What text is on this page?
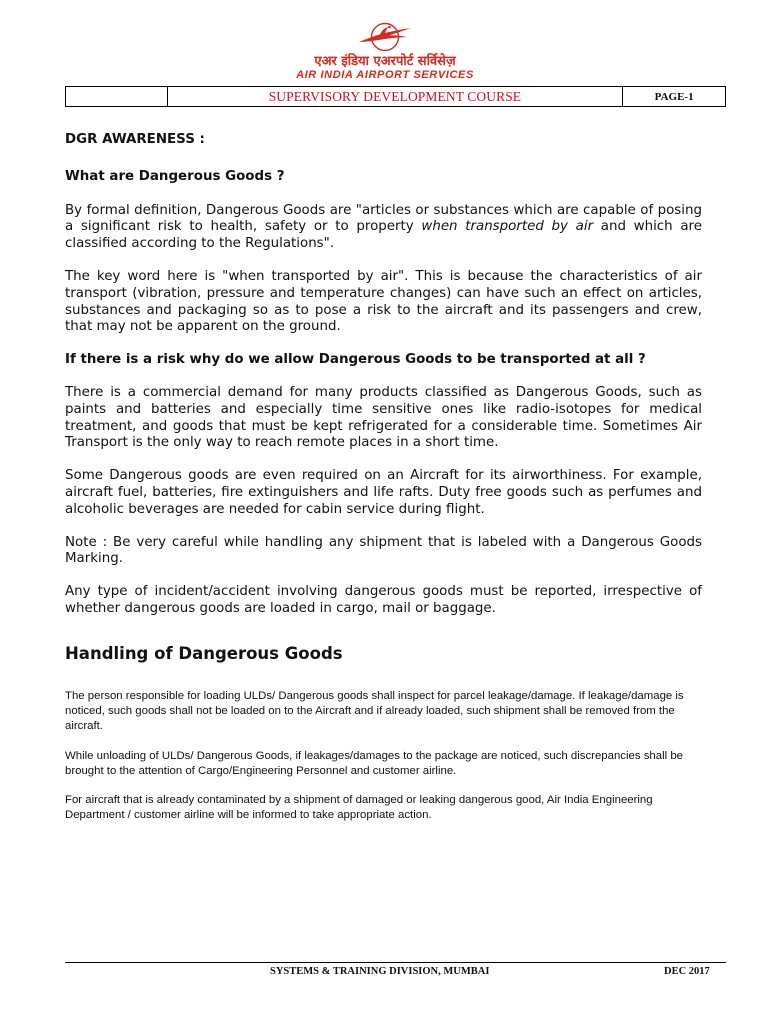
एअर इंडिया एअरपोर्ट सर्विसेज़
AIR INDIA AIRPORT SERVICES
	SUPERVISORY DEVELOPMENT COURSE	PAGE-1

DGR AWARENESS :

What are Dangerous Goods ?

By formal definition, Dangerous Goods are "articles or substances which are capable of posing a significant risk to health, safety or to property when transported by air and which are classified according to the Regulations".

The key word here is "when transported by air". This is because the characteristics of air transport (vibration, pressure and temperature changes) can have such an effect on articles, substances and packaging so as to pose a risk to the aircraft and its passengers and crew, that may not be apparent on the ground.

If there is a risk why do we allow Dangerous Goods to be transported at all ?

There is a commercial demand for many products classified as Dangerous Goods, such as paints and batteries and especially time sensitive ones like radio-isotopes for medical treatment, and goods that must be kept refrigerated for a considerable time. Sometimes Air Transport is the only way to reach remote places in a short time.

Some Dangerous goods are even required on an Aircraft for its airworthiness. For example, aircraft fuel, batteries, fire extinguishers and life rafts. Duty free goods such as perfumes and alcoholic beverages are needed for cabin service during flight.

Note : Be very careful while handling any shipment that is labeled with a Dangerous Goods Marking.

Any type of incident/accident involving dangerous goods must be reported, irrespective of whether dangerous goods are loaded in cargo, mail or baggage.

Handling of Dangerous Goods

The person responsible for loading ULDs/ Dangerous goods shall inspect for parcel leakage/damage. If leakage/damage is noticed, such goods shall not be loaded on to the Aircraft and if already loaded, such shipment shall be removed from the aircraft.

While unloading of ULDs/ Dangerous Goods, if leakages/damages to the package are noticed, such discrepancies shall be brought to the attention of Cargo/Engineering Personnel and customer airline.

For aircraft that is already contaminated by a shipment of damaged or leaking dangerous good, Air India Engineering Department / customer airline will be informed to take appropriate action.

SYSTEMS & TRAINING DIVISION, MUMBAI	DEC 2017
